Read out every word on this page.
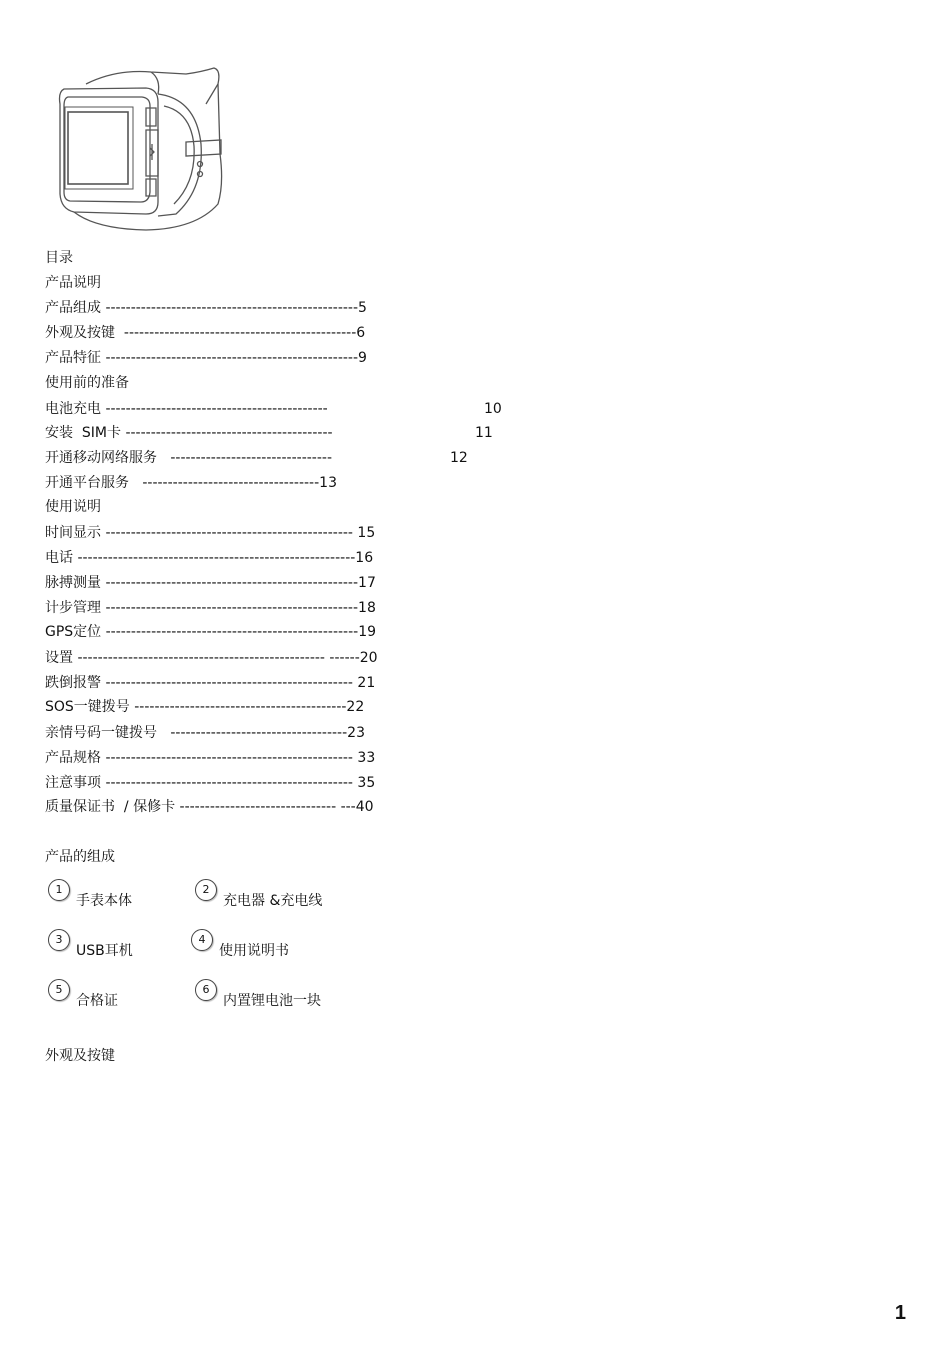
目录
产品说明
产品组成 --------------------------------------------------5
外观及按键  ----------------------------------------------6
产品特征 --------------------------------------------------9
使用前的准备
电池充电 --------------------------------------------	10
安装  SIM卡 -----------------------------------------	11
开通移动网络服务   --------------------------------	12
开通平台服务   -----------------------------------13
使用说明
时间显示 ------------------------------------------------- 15
电话 -------------------------------------------------------16
脉搏测量 --------------------------------------------------17
计步管理 --------------------------------------------------18
GPS定位 --------------------------------------------------19
设置 ------------------------------------------------- ------20
跌倒报警 ------------------------------------------------- 21
SOS一键拨号 ------------------------------------------22
亲情号码一键拨号   -----------------------------------23
产品规格 ------------------------------------------------- 33
注意事项 ------------------------------------------------- 35
质量保证书  / 保修卡 ------------------------------- ---40
产品的组成
1
手表本体
2
充电器 &充电线
3
USB耳机
4
使用说明书
5
合格证
6
内置锂电池一块
外观及按键
1
